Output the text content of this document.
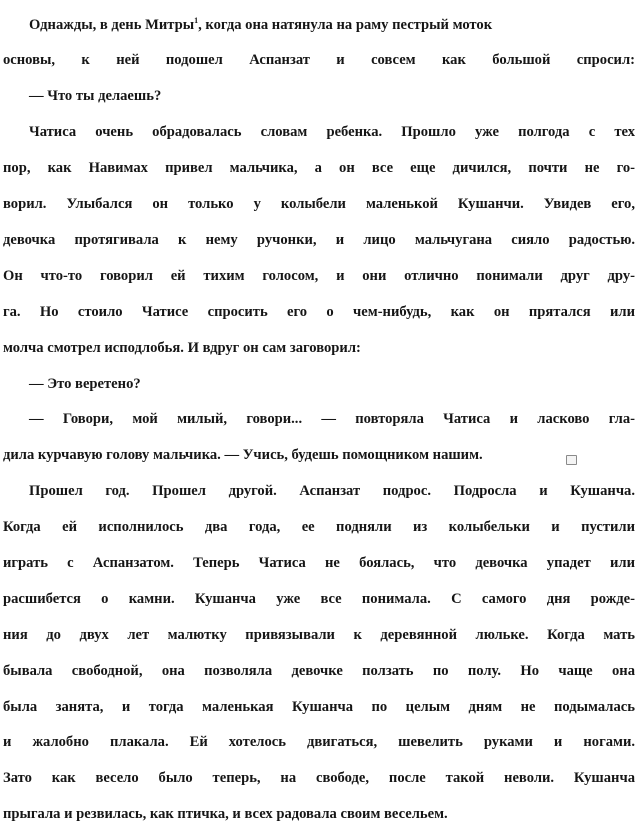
Однажды, в день Митры$^1$, когда она натянула на раму пестрый моток

основы, к ней подошел Аспанзат и совсем как большой спросил:

— Что ты делаешь?

Чатиса очень обрадовалась словам ребенка. Прошло уже полгода с тех

пор, как Навимах привел мальчика, а он все еще дичился, почти не го-

ворил. Улыбался он только у колыбели маленькой Кушанчи. Увидев его,

девочка протягивала к нему ручонки, и лицо мальчугана сияло радостью.

Он что-то говорил ей тихим голосом, и они отлично понимали друг дру-

га. Но стоило Чатисе спросить его о чем-нибудь, как он прятался или

молча смотрел исподлобья. И вдруг он сам заговорил:

— Это веретено?

— Говори, мой милый, говори... — повторяла Чатиса и ласково гла-

дила курчавую голову мальчика. — Учись, будешь помощником нашим.

Прошел год. Прошел другой. Аспанзат подрос. Подросла и Кушанча.

Когда ей исполнилось два года, ее подняли из колыбельки и пустили

играть с Аспанзатом. Теперь Чатиса не боялась, что девочка упадет или

расшибется о камни. Кушанча уже все понимала. С самого дня рожде-

ния до двух лет малютку привязывали к деревянной люльке. Когда мать

бывала свободной, она позволяла девочке ползать по полу. Но чаще она

была занята, и тогда маленькая Кушанча по целым дням не подымалась

и жалобно плакала. Ей хотелось двигаться, шевелить руками и ногами.

Зато как весело было теперь, на свободе, после такой неволи. Кушанча

прыгала и резвилась, как птичка, и всех радовала своим весельем.
